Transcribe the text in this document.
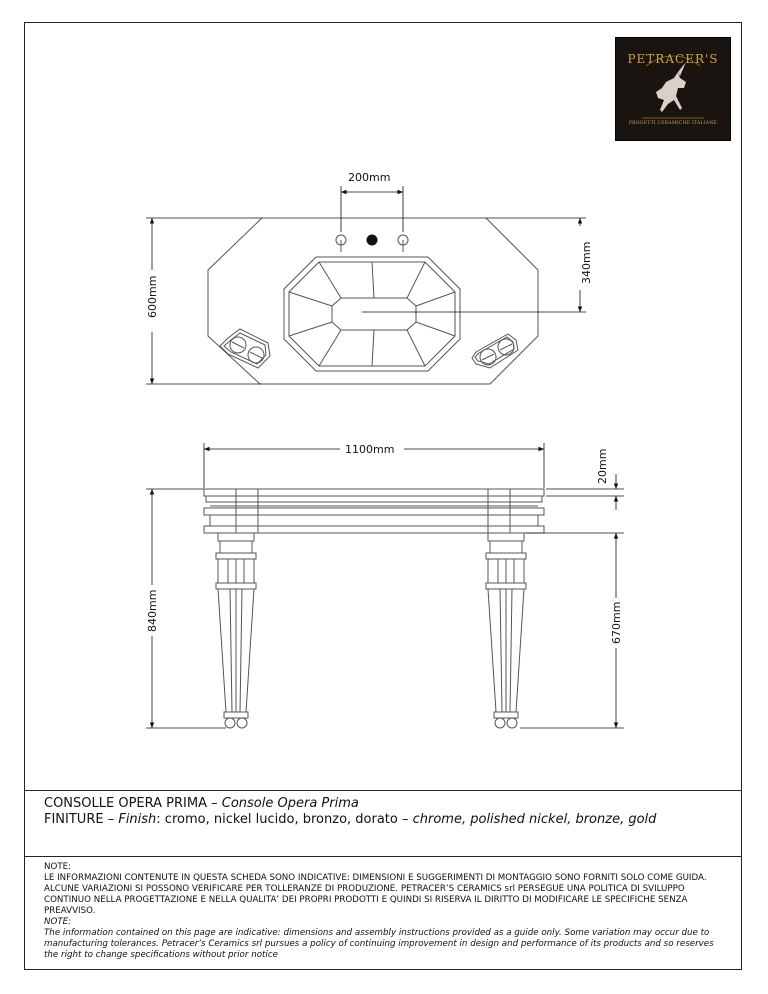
200mm
600mm
340mm
1100mm	20mm
840mm	670mm
PETRACER'S
PROGETTI CERAMICHE ITALIANE
CONSOLLE OPERA PRIMA – Console Opera Prima
FINITURE – Finish: cromo, nickel lucido, bronzo, dorato – chrome, polished nickel, bronze, gold

NOTE:

LE INFORMAZIONI CONTENUTE IN QUESTA SCHEDA SONO INDICATIVE: DIMENSIONI E SUGGERIMENTI DI MONTAGGIO SONO FORNITI SOLO COME GUIDA. ALCUNE VARIAZIONI SI POSSONO VERIFICARE PER TOLLERANZE DI PRODUZIONE. PETRACER’S CERAMICS srl PERSEGUE UNA POLITICA DI SVILUPPO CONTINUO NELLA PROGETTAZIONE E NELLA QUALITA’ DEI PROPRI PRODOTTI E QUINDI SI RISERVA IL DIRITTO DI MODIFICARE LE SPECIFICHE SENZA PREAVVISO.

NOTE:

The information contained on this page are indicative: dimensions and assembly instructions provided as a guide only. Some variation may occur due to manufacturing tolerances. Petracer’s Ceramics srl pursues a policy of continuing improvement in design and performance of its products and so reserves the right to change specifications without prior notice
